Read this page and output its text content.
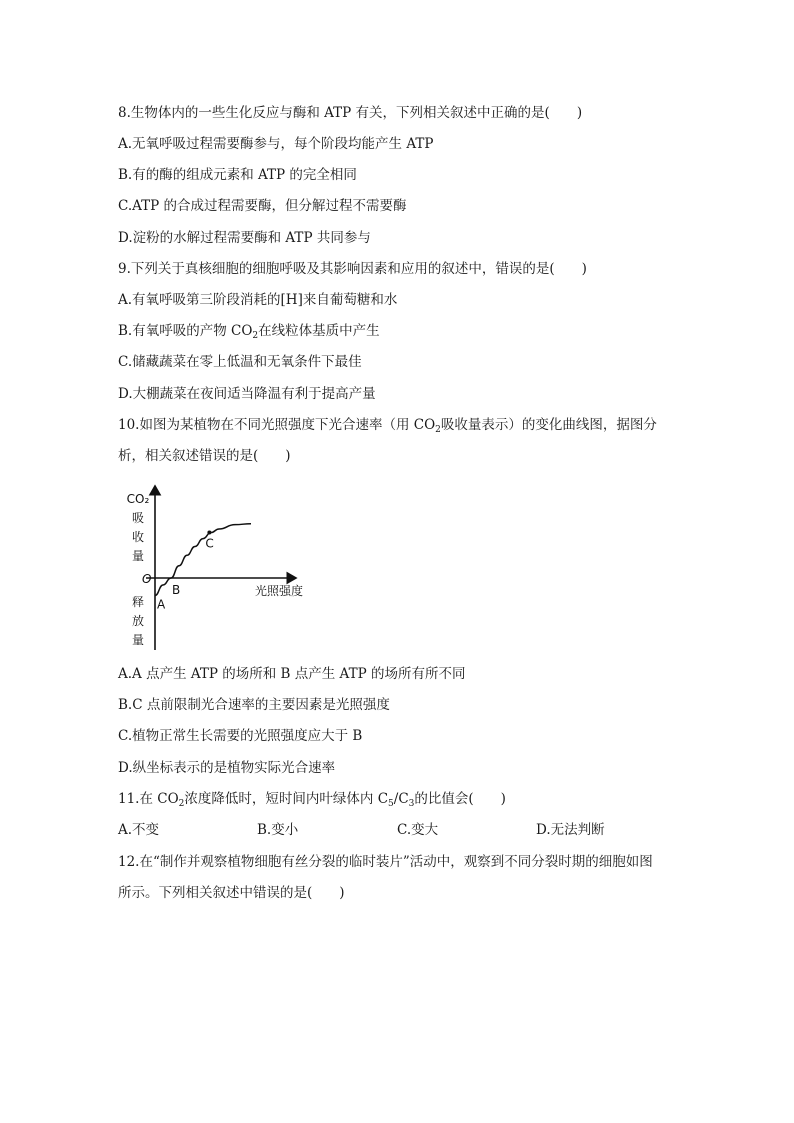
8.生物体内的一些生化反应与酶和 ATP 有关，下列相关叙述中正确的是(　　)
A.无氧呼吸过程需要酶参与，每个阶段均能产生 ATP
B.有的酶的组成元素和 ATP 的完全相同
C.ATP 的合成过程需要酶，但分解过程不需要酶
D.淀粉的水解过程需要酶和 ATP 共同参与
9.下列关于真核细胞的细胞呼吸及其影响因素和应用的叙述中，错误的是(　　)
A.有氧呼吸第三阶段消耗的[H]来自葡萄糖和水
B.有氧呼吸的产物 $CO_2$在线粒体基质中产生
C.储藏蔬菜在零上低温和无氧条件下最佳
D.大棚蔬菜在夜间适当降温有利于提高产量
10.如图为某植物在不同光照强度下光合速率（用 $CO_2$吸收量表示）的变化曲线图，据图分
析，相关叙述错误的是(　　)
CO₂
吸
收
量
释
放
量
O
光照强度
A
B
C
A.A 点产生 ATP 的场所和 B 点产生 ATP 的场所有所不同
B.C 点前限制光合速率的主要因素是光照强度
C.植物正常生长需要的光照强度应大于 B
D.纵坐标表示的是植物实际光合速率
11.在 $CO_2$浓度降低时，短时间内叶绿体内 $C_5/C_3$的比值会(　　)
A.不变	B.变小	C.变大	D.无法判断
12.在“制作并观察植物细胞有丝分裂的临时装片”活动中，观察到不同分裂时期的细胞如图
所示。下列相关叙述中错误的是(　　)
